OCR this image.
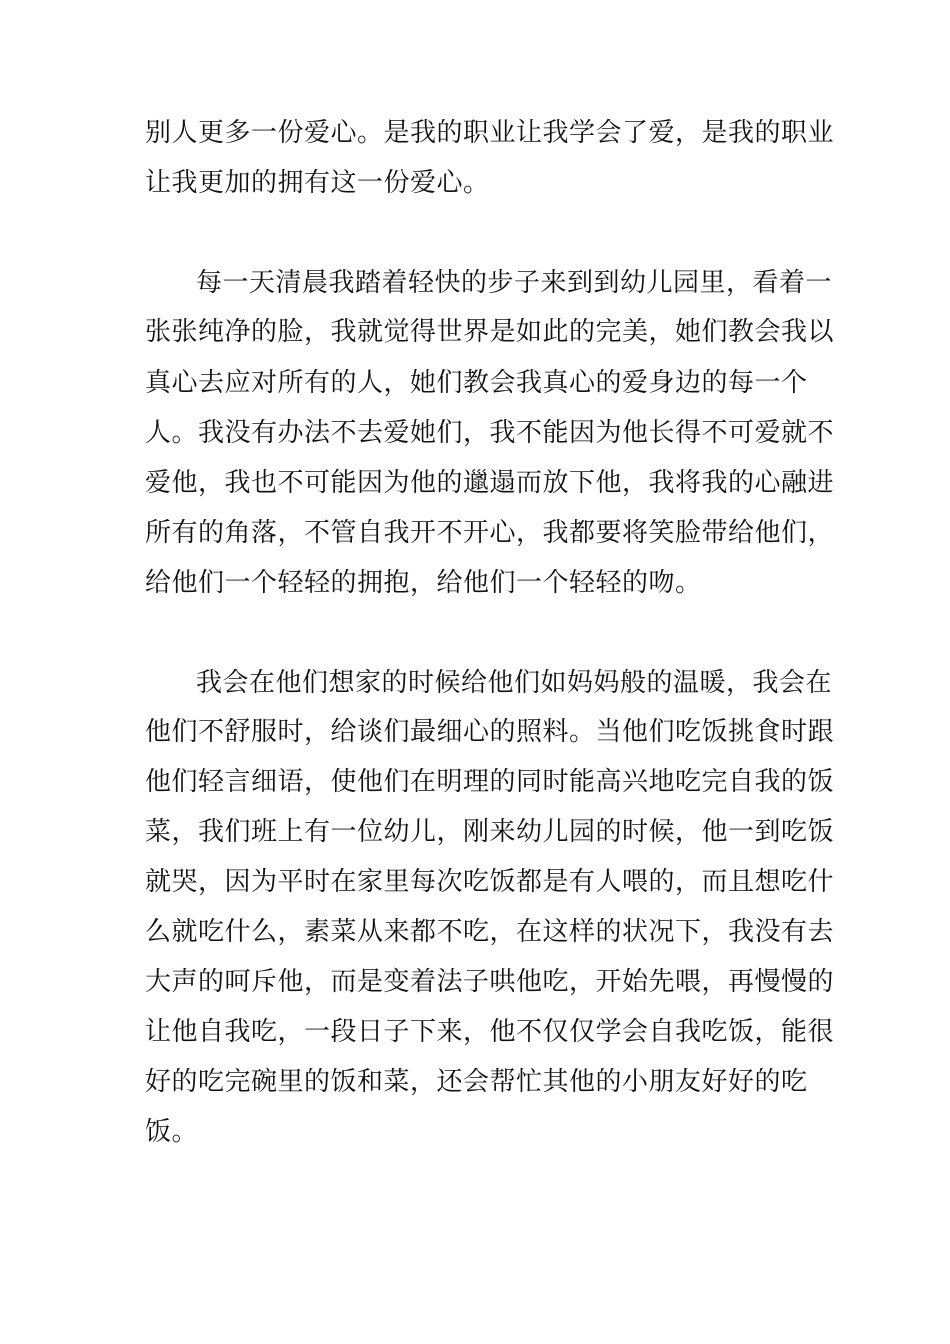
别人更多一份爱心。是我的职业让我学会了爱，是我的职业
让我更加的拥有这一份爱心。
每一天清晨我踏着轻快的步子来到到幼儿园里，看着一
张张纯净的脸，我就觉得世界是如此的完美，她们教会我以
真心去应对所有的人，她们教会我真心的爱身边的每一个
人。我没有办法不去爱她们，我不能因为他长得不可爱就不
爱他，我也不可能因为他的邋遢而放下他，我将我的心融进
所有的角落，不管自我开不开心，我都要将笑脸带给他们，
给他们一个轻轻的拥抱，给他们一个轻轻的吻。
我会在他们想家的时候给他们如妈妈般的温暖，我会在
他们不舒服时，给谈们最细心的照料。当他们吃饭挑食时跟
他们轻言细语，使他们在明理的同时能高兴地吃完自我的饭
菜，我们班上有一位幼儿，刚来幼儿园的时候，他一到吃饭
就哭，因为平时在家里每次吃饭都是有人喂的，而且想吃什
么就吃什么，素菜从来都不吃，在这样的状况下，我没有去
大声的呵斥他，而是变着法子哄他吃，开始先喂，再慢慢的
让他自我吃，一段日子下来，他不仅仅学会自我吃饭，能很
好的吃完碗里的饭和菜，还会帮忙其他的小朋友好好的吃
饭。
